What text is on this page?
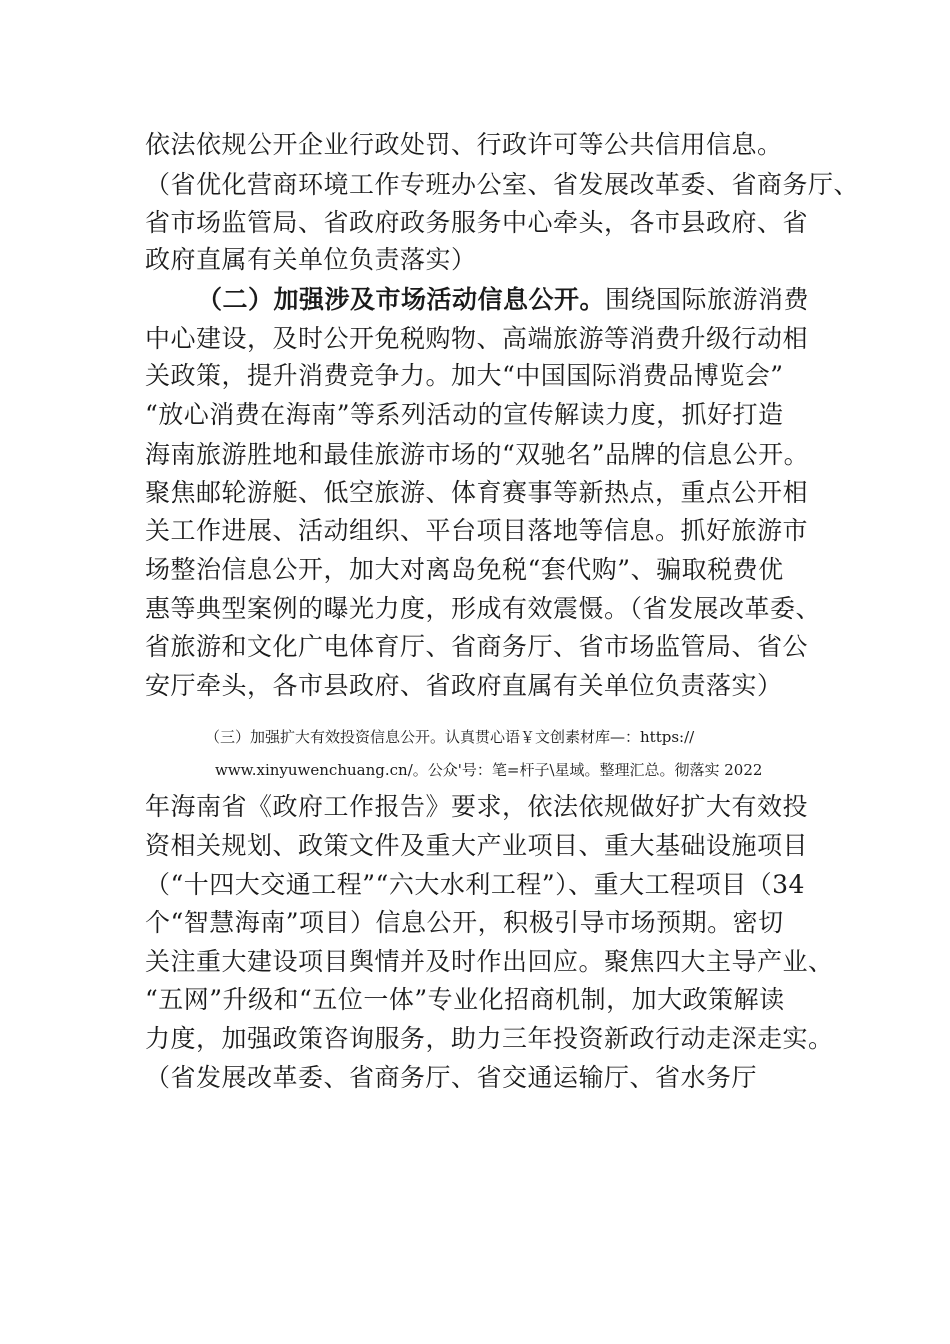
依法依规公开企业行政处罚、行政许可等公共信用信息。
（省优化营商环境工作专班办公室、省发展改革委、省商务厅、
省市场监管局、省政府政务服务中心牵头，各市县政府、省
政府直属有关单位负责落实）
（二）加强涉及市场活动信息公开。围绕国际旅游消费
中心建设，及时公开免税购物、高端旅游等消费升级行动相
关政策，提升消费竞争力。加大“中国国际消费品博览会”
“放心消费在海南”等系列活动的宣传解读力度，抓好打造
海南旅游胜地和最佳旅游市场的“双驰名”品牌的信息公开。
聚焦邮轮游艇、低空旅游、体育赛事等新热点，重点公开相
关工作进展、活动组织、平台项目落地等信息。抓好旅游市
场整治信息公开，加大对离岛免税“套代购”、骗取税费优
惠等典型案例的曝光力度，形成有效震慑。（省发展改革委、
省旅游和文化广电体育厅、省商务厅、省市场监管局、省公
安厅牵头，各市县政府、省政府直属有关单位负责落实）
（三）加强扩大有效投资信息公开。认真贯心语￥文创素材库—：https://
www.xinyuwenchuang.cn/。公众'号：笔=杆子\星域。整理汇总。彻落实 2022
年海南省《政府工作报告》要求，依法依规做好扩大有效投
资相关规划、政策文件及重大产业项目、重大基础设施项目
（“十四大交通工程”“六大水利工程”）、重大工程项目（34
个“智慧海南”项目）信息公开，积极引导市场预期。密切
关注重大建设项目舆情并及时作出回应。聚焦四大主导产业、
“五网”升级和“五位一体”专业化招商机制，加大政策解读
力度，加强政策咨询服务，助力三年投资新政行动走深走实。
（省发展改革委、省商务厅、省交通运输厅、省水务厅
